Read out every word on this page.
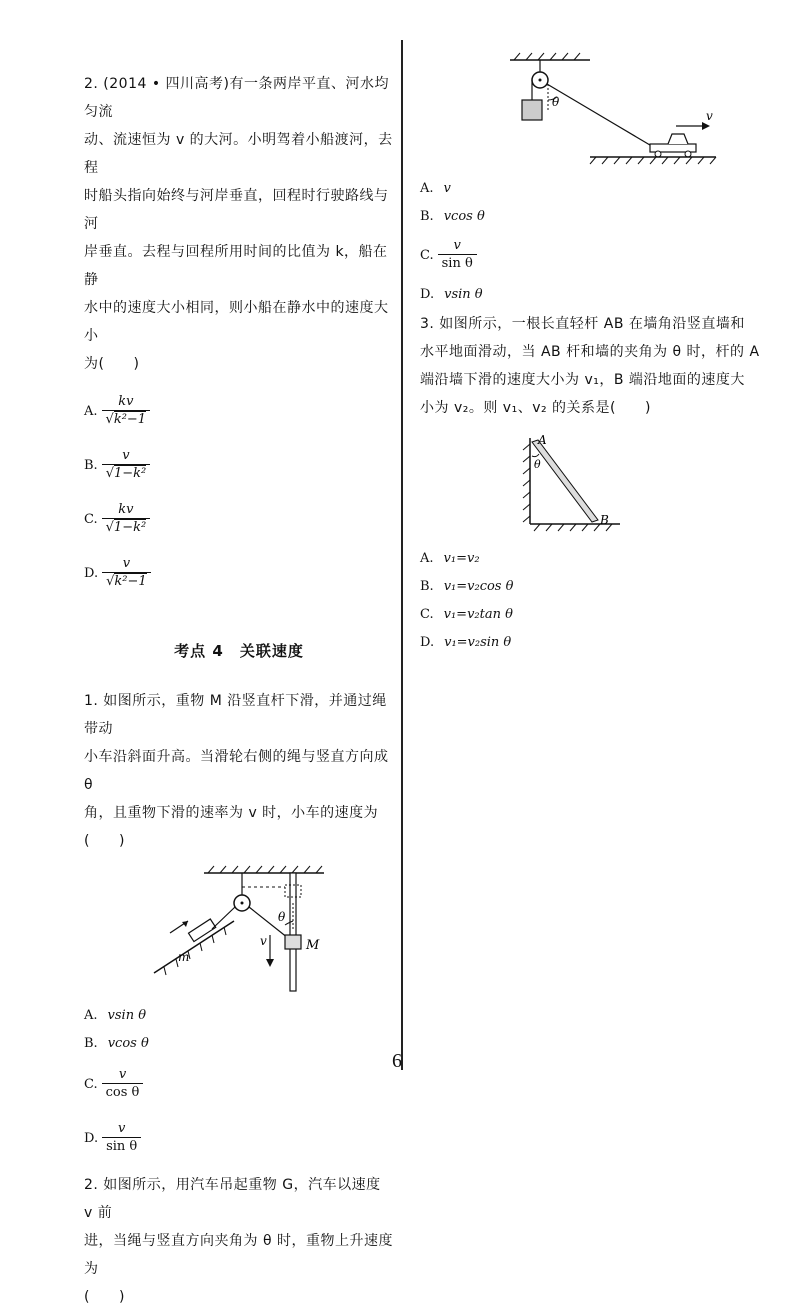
2. (2014 • 四川高考)有一条两岸平直、河水均匀流

动、流速恒为 v 的大河。小明驾着小船渡河，去程

时船头指向始终与河岸垂直，回程时行驶路线与河

岸垂直。去程与回程所用时间的比值为 k，船在静

水中的速度大小相同，则小船在静水中的速度大小

为(　　)

A. $\frac{kv}{\text{√k²−1}}$
B. $\frac{v}{\text{√1−k²}}$
C. $\frac{kv}{\text{√1−k²}}$
D. $\frac{v}{\text{√k²−1}}$

考点 4　关联速度

1. 如图所示，重物 M 沿竖直杆下滑，并通过绳带动

小车沿斜面升高。当滑轮右侧的绳与竖直方向成 θ

角，且重物下滑的速率为 v 时，小车的速度为(　　)

θ
M
v
m
A. vsin θ
B. vcos θ
C. $\frac{v}{\text{cos θ}}$
D. $\frac{v}{\text{sin θ}}$

2. 如图所示，用汽车吊起重物 G，汽车以速度 v 前

进，当绳与竖直方向夹角为 θ 时，重物上升速度为

(　　)

θ
v
A. v
B. vcos θ
C. $\frac{v}{\text{sin θ}}$
D. vsin θ

3. 如图所示，一根长直轻杆 AB 在墙角沿竖直墙和

水平地面滑动，当 AB 杆和墙的夹角为 θ 时，杆的 A

端沿墙下滑的速度大小为 v₁，B 端沿地面的速度大

小为 v₂。则 v₁、v₂ 的关系是(　　)

A
B
θ
A. v₁=v₂
B. v₁=v₂cos θ
C. v₁=v₂tan θ
D. v₁=v₂sin θ
6
